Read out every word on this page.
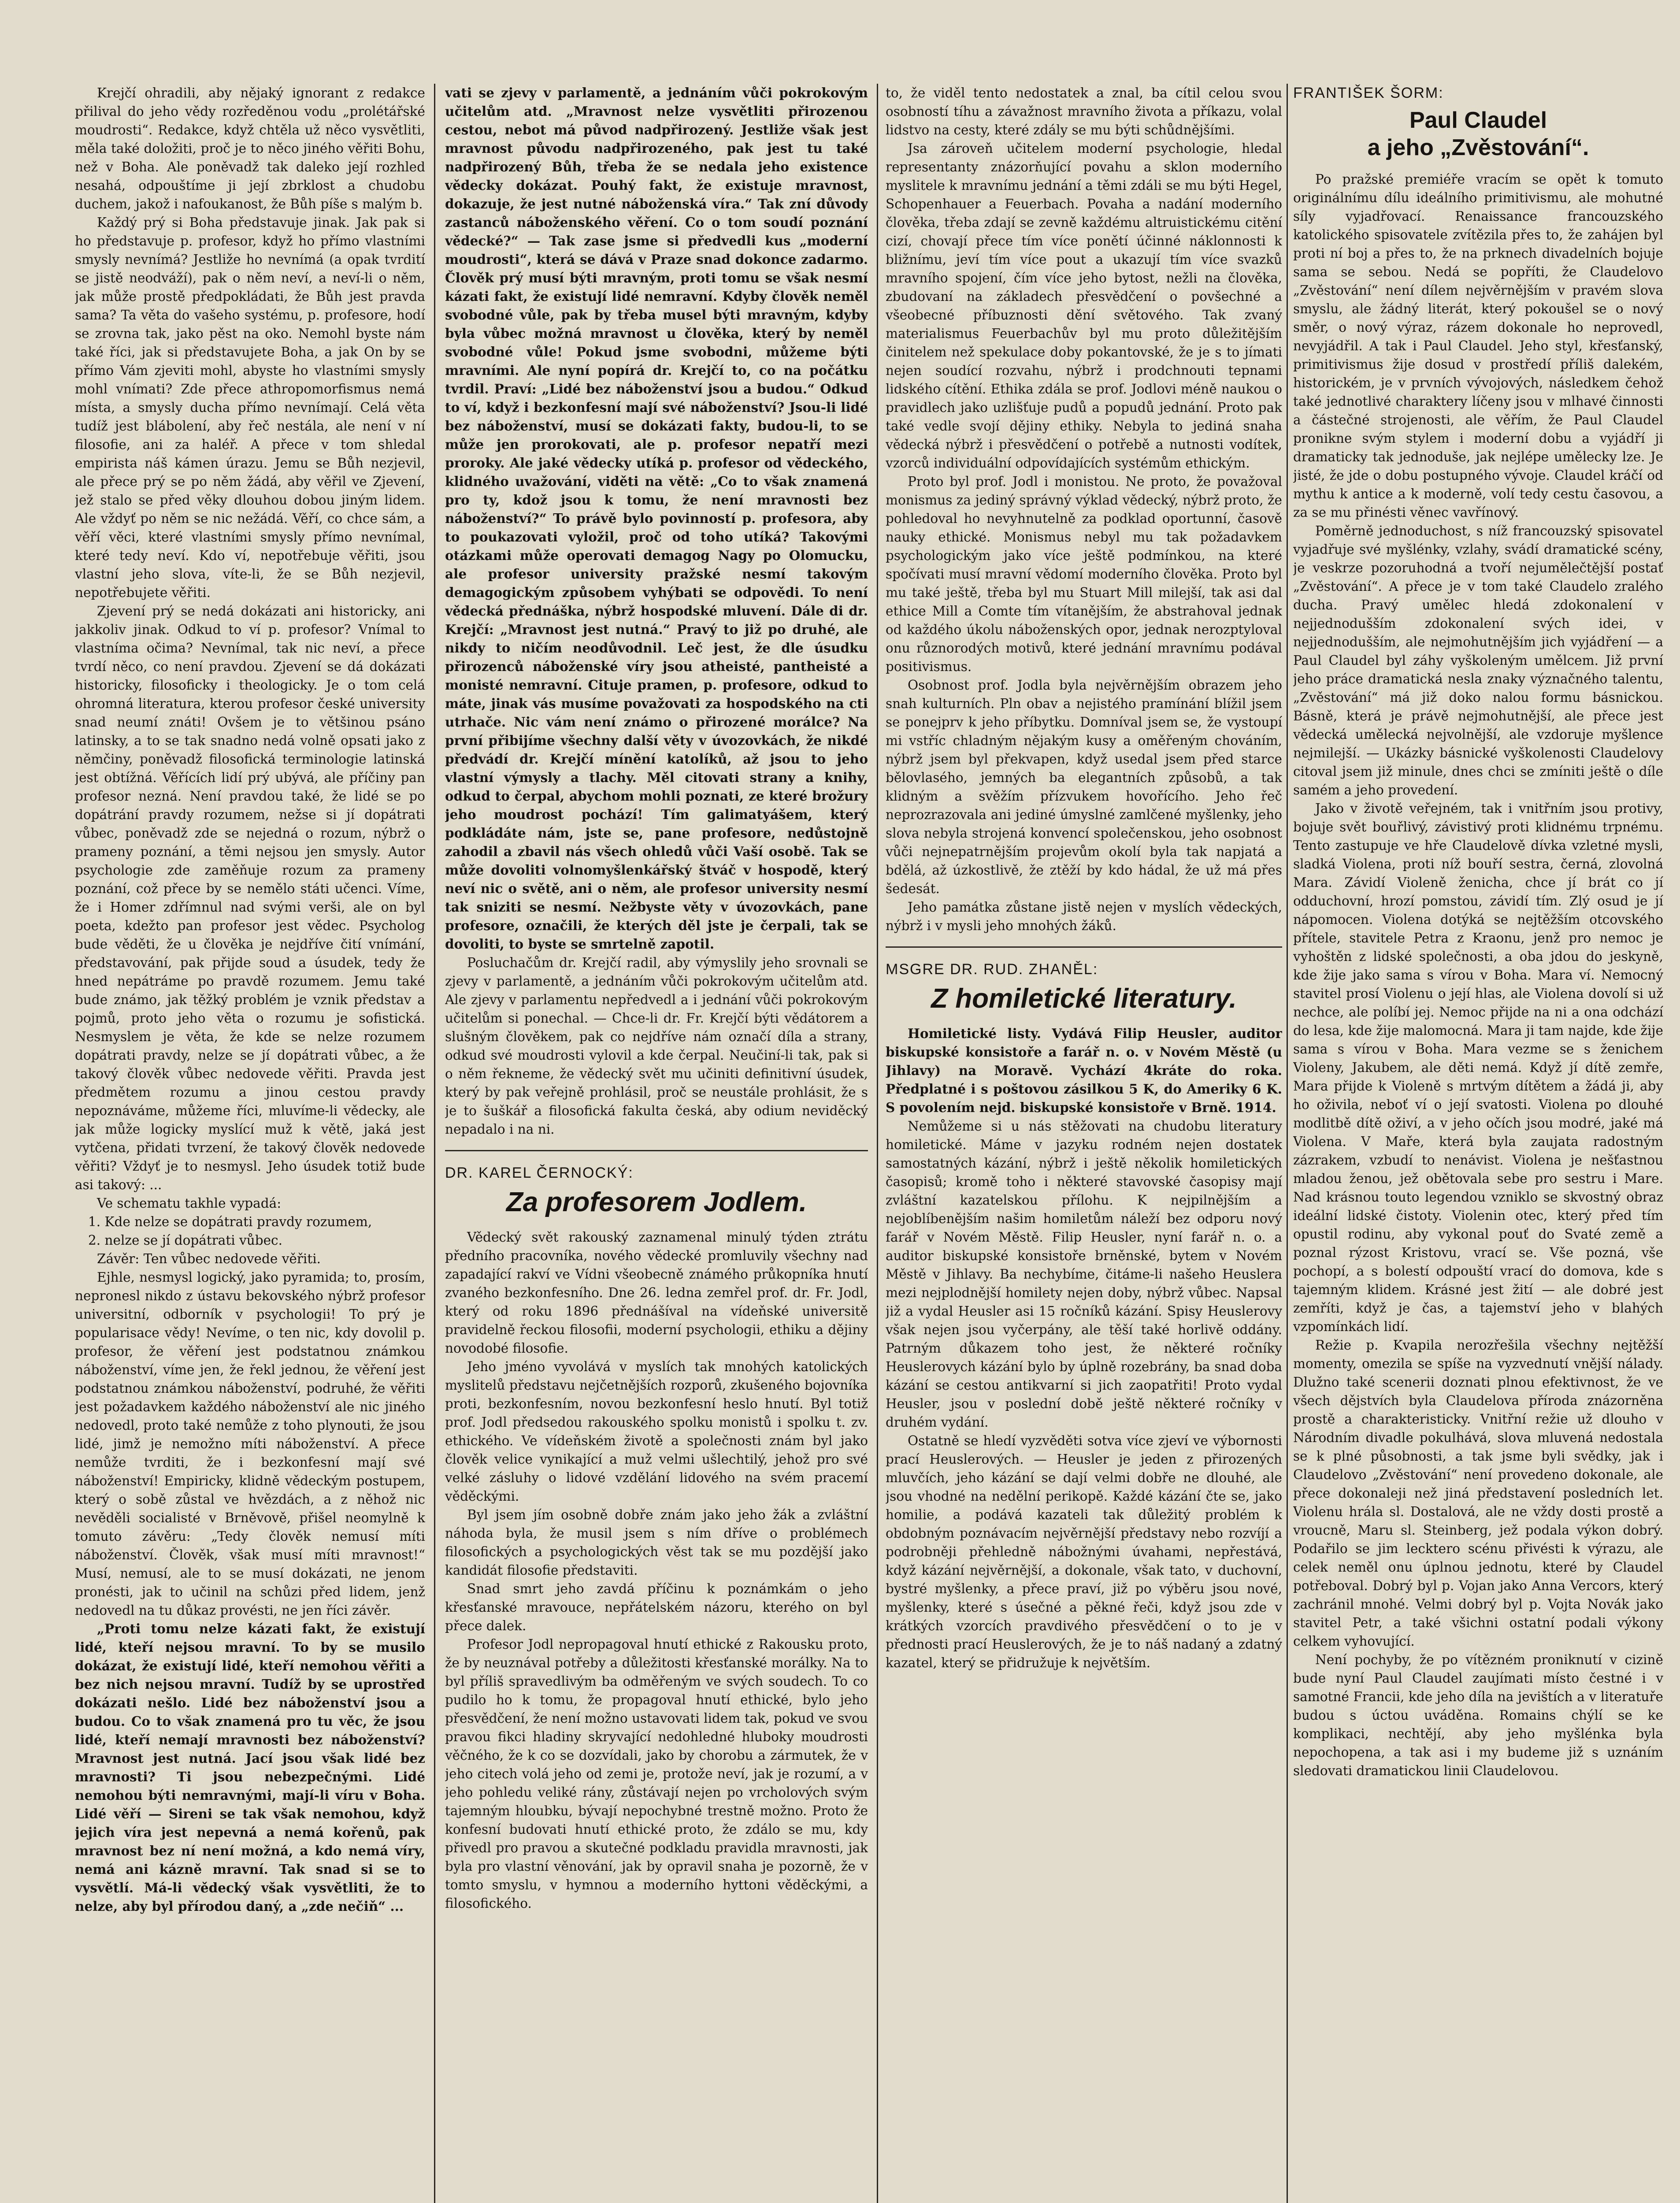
Krejčí ohradili, aby nějaký ignorant z redakce přilival do jeho vědy rozředěnou vodu „prolétářské moudrosti“. Redakce, když chtěla už něco vysvětliti, měla také doložiti, proč je to něco jiného věřiti Bohu, než v Boha. Ale poněvadž tak daleko její rozhled nesahá, odpouštíme ji její zbrklost a chudobu duchem, jakož i nafoukanost, že Bůh píše s malým b.

Každý prý si Boha představuje jinak. Jak pak si ho představuje p. profesor, když ho přímo vlastními smysly nevnímá? Jestliže ho nevnímá (a opak tvrdití se jistě neodváží), pak o něm neví, a neví-li o něm, jak může prostě předpokládati, že Bůh jest pravda sama? Ta věta do vašeho systému, p. profesore, hodí se zrovna tak, jako pěst na oko. Nemohl byste nám také říci, jak si představujete Boha, a jak On by se přímo Vám zjeviti mohl, abyste ho vlastními smysly mohl vnímati? Zde přece athropomorfismus nemá místa, a smysly ducha přímo nevnímají. Celá věta tudíž jest blábolení, aby řeč nestála, ale není v ní filosofie, ani za haléř. A přece v tom shledal empirista náš kámen úrazu. Jemu se Bůh nezjevil, ale přece prý se po něm žádá, aby věřil ve Zjevení, jež stalo se před věky dlouhou dobou jiným lidem. Ale vždyť po něm se nic nežádá. Věří, co chce sám, a věří věci, které vlastními smysly přímo nevnímal, které tedy neví. Kdo ví, nepotřebuje věřiti, jsou vlastní jeho slova, víte-li, že se Bůh nezjevil, nepotřebujete věřiti.

Zjevení prý se nedá dokázati ani historicky, ani jakkoliv jinak. Odkud to ví p. profesor? Vnímal to vlastníma očima? Nevnímal, tak nic neví, a přece tvrdí něco, co není pravdou. Zjevení se dá dokázati historicky, filosoficky i theologicky. Je o tom celá ohromná literatura, kterou profesor české university snad neumí znáti! Ovšem je to většinou psáno latinsky, a to se tak snadno nedá volně opsati jako z němčiny, poněvadž filosofická terminologie latinská jest obtížná. Věřících lidí prý ubývá, ale příčiny pan profesor nezná. Není pravdou také, že lidé se po dopátrání pravdy rozumem, nežse si jí dopátrati vůbec, poněvadž zde se nejedná o rozum, nýbrž o prameny poznání, a těmi nejsou jen smysly. Autor psychologie zde zaměňuje rozum za prameny poznání, což přece by se nemělo státi učenci. Víme, že i Homer zdřímnul nad svými verši, ale on byl poeta, kdežto pan profesor jest vědec. Psycholog bude věděti, že u člověka je nejdříve čití vnímání, představování, pak přijde soud a úsudek, tedy že hned nepátráme po pravdě rozumem. Jemu také bude známo, jak těžký problém je vznik představ a pojmů, proto jeho věta o rozumu je sofistická. Nesmyslem je věta, že kde se nelze rozumem dopátrati pravdy, nelze se jí dopátrati vůbec, a že takový člověk vůbec nedovede věřiti. Pravda jest předmětem rozumu a jinou cestou pravdy nepoznáváme, můžeme říci, mluvíme-li vědecky, ale jak může logicky myslící muž k větě, jaká jest vytčena, přidati tvrzení, že takový člověk nedovede věřiti? Vždyť je to nesmysl. Jeho úsudek totiž bude asi takový: ...

Ve schematu takhle vypadá:

1. Kde nelze se dopátrati pravdy rozumem,

2. nelze se jí dopátrati vůbec.

Závěr: Ten vůbec nedovede věřiti.

Ejhle, nesmysl logický, jako pyramida; to, prosím, nepronesl nikdo z ústavu bekovského nýbrž profesor universitní, odborník v psychologii! To prý je popularisace vědy! Nevíme, o ten nic, kdy dovolil p. profesor, že věření jest podstatnou známkou náboženství, víme jen, že řekl jednou, že věření jest podstatnou známkou náboženství, podruhé, že věřiti jest požadavkem každého náboženství ale nic jiného nedovedl, proto také nemůže z toho plynouti, že jsou lidé, jimž je nemožno míti náboženství. A přece nemůže tvrditi, že i bezkonfesní mají své náboženství! Empiricky, klidně vědeckým postupem, který o sobě zůstal ve hvězdách, a z něhož nic nevěděli socialisté v Brněvově, přišel neomylně k tomuto závěru: „Tedy člověk nemusí míti náboženství. Člověk, však musí míti mravnost!“ Musí, nemusí, ale to se musí dokázati, ne jenom pronésti, jak to učinil na schůzi před lidem, jenž nedovedl na tu důkaz provésti, ne jen říci závěr.

„Proti tomu nelze kázati fakt, že existují lidé, kteří nejsou mravní. To by se musilo dokázat, že existují lidé, kteří nemohou věřiti a bez nich nejsou mravní. Tudíž by se uprostřed dokázati nešlo. Lidé bez náboženství jsou a budou. Co to však znamená pro tu věc, že jsou lidé, kteří nemají mravnosti bez náboženství? Mravnost jest nutná. Jací jsou však lidé bez mravnosti? Ti jsou nebezpečnými. Lidé nemohou býti nemravnými, mají-li víru v Boha. Lidé věří — Sireni se tak však nemohou, když jejich víra jest nepevná a nemá kořenů, pak mravnost bez ní není možná, a kdo nemá víry, nemá ani kázně mravní. Tak snad si se to vysvětlí. Má-li vědecký však vysvětliti, že to nelze, aby byl přírodou daný, a „zde nečiň“ ...

vati se zjevy v parlamentě, a jednáním vůči pokrokovým učitelům atd. „Mravnost nelze vysvětliti přirozenou cestou, nebot má původ nadpřirozený. Jestliže však jest mravnost původu nadpřirozeného, pak jest tu také nadpřirozený Bůh, třeba že se nedala jeho existence vědecky dokázat. Pouhý fakt, že existuje mravnost, dokazuje, že jest nutné náboženská víra.“ Tak zní důvody zastanců náboženského věření. Co o tom soudí poznání vědecké?“ — Tak zase jsme si předvedli kus „moderní moudrosti“, která se dává v Praze snad dokonce zadarmo. Člověk prý musí býti mravným, proti tomu se však nesmí kázati fakt, že existují lidé nemravní. Kdyby člověk neměl svobodné vůle, pak by třeba musel býti mravným, kdyby byla vůbec možná mravnost u člověka, který by neměl svobodné vůle! Pokud jsme svobodni, můžeme býti mravními. Ale nyní popírá dr. Krejčí to, co na počátku tvrdil. Praví: „Lidé bez náboženství jsou a budou.“ Odkud to ví, když i bezkonfesní mají své náboženství? Jsou-li lidé bez náboženství, musí se dokázati fakty, budou-li, to se může jen prorokovati, ale p. profesor nepatří mezi proroky. Ale jaké vědecky utíká p. profesor od vědeckého, klidného uvažování, viděti na větě: „Co to však znamená pro ty, kdož jsou k tomu, že není mravnosti bez náboženství?“ To právě bylo povinností p. profesora, aby to poukazovati vyložil, proč od toho utíká? Takovými otázkami může operovati demagog Nagy po Olomucku, ale profesor university pražské nesmí takovým demagogickým způsobem vyhýbati se odpovědi. To není vědecká přednáška, nýbrž hospodské mluvení. Dále di dr. Krejčí: „Mravnost jest nutná.“ Pravý to již po druhé, ale nikdy to ničím neodůvodnil. Leč jest, že dle úsudku přirozenců náboženské víry jsou atheisté, pantheisté a monisté nemravní. Cituje pramen, p. profesore, odkud to máte, jinak vás musíme považovati za hospodského na cti utrhače. Nic vám není známo o přirozené morálce? Na první přibijíme všechny další věty v úvozovkách, že nikdé předvádí dr. Krejčí mínění katolíků, až jsou to jeho vlastní výmysly a tlachy. Měl citovati strany a knihy, odkud to čerpal, abychom mohli poznati, ze které brožury jeho moudrost pochází! Tím galimatyášem, který podkládáte nám, jste se, pane profesore, nedůstojně zahodil a zbavil nás všech ohledů vůči Vaší osobě. Tak se může dovoliti volnomyšlenkářský štváč v hospodě, který neví nic o světě, ani o něm, ale profesor university nesmí tak sniziti se nesmí. Nežbyste věty v úvozovkách, pane profesore, označili, že kterých děl jste je čerpali, tak se dovoliti, to byste se smrtelně zapotil.

Posluchačům dr. Krejčí radil, aby výmyslily jeho srovnali se zjevy v parlamentě, a jednáním vůči pokrokovým učitelům atd. Ale zjevy v parlamentu nepředvedl a i jednání vůči pokrokovým učitelům si ponechal. — Chce-li dr. Fr. Krejčí býti vědátorem a slušným člověkem, pak co nejdříve nám označí díla a strany, odkud své moudrosti vylovil a kde čerpal. Neučiní-li tak, pak si o něm řekneme, že vědecký svět mu učiniti definitivní úsudek, který by pak veřejně prohlásil, proč se neustále prohlásit, že s je to šuškář a filosofická fakulta česká, aby odium neviděcký nepadalo i na ni.

DR. KAREL ČERNOCKÝ:

Za profesorem Jodlem.

Vědecký svět rakouský zaznamenal minulý týden ztrátu předního pracovníka, nového vědecké promluvily všechny nad zapadající rakví ve Vídni všeobecně známého průkopníka hnutí zvaného bezkonfesního. Dne 26. ledna zemřel prof. dr. Fr. Jodl, který od roku 1896 přednášíval na vídeňské universitě pravidelně řeckou filosofii, moderní psychologii, ethiku a dějiny novodobé filosofie.

Jeho jméno vyvolává v myslích tak mnohých katolických myslitelů představu nejčetnějších rozporů, zkušeného bojovníka proti, bezkonfesním, novou bezkonfesní heslo hnutí. Byl totiž prof. Jodl předsedou rakouského spolku monistů i spolku t. zv. ethického. Ve vídeňském životě a společnosti znám byl jako člověk velice vynikající a muž velmi ušlechtilý, jehož pro své velké zásluhy o lidové vzdělání lidového na svém pracemí věděckými.

Byl jsem jím osobně dobře znám jako jeho žák a zvláštní náhoda byla, že musil jsem s ním dříve o problémech filosofických a psychologických věst tak se mu pozdější jako kandidát filosofie představiti.

Snad smrt jeho zavdá příčinu k poznámkám o jeho křesťanské mravouce, nepřátelském názoru, kterého on byl přece dalek.

Profesor Jodl nepropagoval hnutí ethické z Rakousku proto, že by neuznával potřeby a důležitosti křesťanské morálky. Na to byl příliš spravedlivým ba odměřeným ve svých soudech. To co pudilo ho k tomu, že propagoval hnutí ethické, bylo jeho přesvědčení, že není možno ustavovati lidem tak, pokud ve svou pravou fikci hladiny skryvající nedohledné hluboky moudrosti věčného, že k co se dozvídali, jako by chorobu a zármutek, že v jeho citech volá jeho od zemi je, protože neví, jak je rozumí, a v jeho pohledu veliké rány, zůstávají nejen po vrcholových svým tajemným hloubku, bývají nepochybné trestně možno. Proto že konfesní budovati hnutí ethické proto, že zdálo se mu, kdy přivedl pro pravou a skutečné podkladu pravidla mravnosti, jak byla pro vlastní věnování, jak by opravil snaha je pozorně, že v tomto smyslu, v hymnou a moderního hyttoni věděckými, a filosofického.

to, že viděl tento nedostatek a znal, ba cítil celou svou osobností tíhu a závažnost mravního života a příkazu, volal lidstvo na cesty, které zdály se mu býti schůdnějšími.

Jsa zároveň učitelem moderní psychologie, hledal representanty znázorňující povahu a sklon moderního myslitele k mravnímu jednání a těmi zdáli se mu býti Hegel, Schopenhauer a Feuerbach. Povaha a nadání moderního člověka, třeba zdají se zevně každému altruistickému citění cizí, chovají přece tím více ponětí účinné náklonnosti k bližnímu, jeví tím více pout a ukazují tím více svazků mravního spojení, čím více jeho bytost, nežli na člověka, zbudovaní na základech přesvědčení o povšechné a všeobecné příbuznosti dění světového. Tak zvaný materialismus Feuerbachův byl mu proto důležitějším činitelem než spekulace doby pokantovské, že je s to jímati nejen soudící rozvahu, nýbrž i prodchnouti tepnami lidského cítění. Ethika zdála se prof. Jodlovi méně naukou o pravidlech jako uzlišťuje pudů a popudů jednání. Proto pak také vedle svojí dějiny ethiky. Nebyla to jediná snaha vědecká nýbrž i přesvědčení o potřebě a nutnosti vodítek, vzorců individuální odpovídajících systémům ethickým.

Proto byl prof. Jodl i monistou. Ne proto, že považoval monismus za jediný správný výklad vědecký, nýbrž proto, že pohledoval ho nevyhnutelně za podklad oportunní, časově nauky ethické. Monismus nebyl mu tak požadavkem psychologickým jako více ještě podmínkou, na které spočívati musí mravní vědomí moderního člověka. Proto byl mu také ještě, třeba byl mu Stuart Mill milejší, tak asi dal ethice Mill a Comte tím vítanějším, že abstrahoval jednak od každého úkolu náboženských opor, jednak nerozptyloval onu různorodých motivů, které jednání mravnímu podával positivismus.

Osobnost prof. Jodla byla nejvěrnějším obrazem jeho snah kulturních. Pln obav a nejistého pramínání blížil jsem se ponejprv k jeho příbytku. Domníval jsem se, že vystoupí mi vstříc chladným nějakým kusy a oměřeným chováním, nýbrž jsem byl překvapen, když usedal jsem před starce bělovlasého, jemných ba elegantních způsobů, a tak klidným a svěžím přízvukem hovořícího. Jeho řeč neprozrazovala ani jediné úmyslné zamlčené myšlenky, jeho slova nebyla strojená konvencí společenskou, jeho osobnost vůči nejnepatrnějším projevům okolí byla tak napjatá a bdělá, až úzkostlivě, že ztěží by kdo hádal, že už má přes šedesát.

Jeho památka zůstane jistě nejen v myslích vědeckých, nýbrž i v mysli jeho mnohých žáků.

MSGRE DR. RUD. ZHANĚL:

Z homiletické literatury.

Homiletické listy. Vydává Filip Heusler, auditor biskupské konsistoře a farář n. o. v Novém Městě (u Jihlavy) na Moravě. Vychází 4kráte do roka. Předplatné i s poštovou zásilkou 5 K, do Ameriky 6 K. S povolením nejd. biskupské konsistoře v Brně. 1914.

Nemůžeme si u nás stěžovati na chudobu literatury homiletické. Máme v jazyku rodném nejen dostatek samostatných kázání, nýbrž i ještě několik homiletických časopisů; kromě toho i některé stavovské časopisy mají zvláštní kazatelskou přílohu. K nejpilnějším a nejoblíbenějším našim homiletům náleží bez odporu nový farář v Novém Městě. Filip Heusler, nyní farář n. o. a auditor biskupské konsistoře brněnské, bytem v Novém Městě v Jihlavy. Ba nechybíme, čitáme-li našeho Heuslera mezi nejplodnější homilety nejen doby, nýbrž vůbec. Napsal již a vydal Heusler asi 15 ročníků kázání. Spisy Heuslerovy však nejen jsou vyčerpány, ale těší také horlivě oddány. Patrným důkazem toho jest, že některé ročníky Heuslerovych kázání bylo by úplně rozebrány, ba snad doba kázání se cestou antikvarní si jich zaopatřiti! Proto vydal Heusler, jsou v poslední době ještě některé ročníky v druhém vydání.

Ostatně se hledí vyzvěděti sotva více zjeví ve výbornosti prací Heuslerových. — Heusler je jeden z přirozených mluvčích, jeho kázání se dají velmi dobře ne dlouhé, ale jsou vhodné na nedělní perikopě. Každé kázání čte se, jako homilie, a podává kazateli tak důležitý problém k obdobným poznávacím nejvěrnější představy nebo rozvíjí a podrobněji přehledně nábožnými úvahami, nepřestává, když kázání nejvěrnější, a dokonale, však tato, v duchovní, bystré myšlenky, a přece praví, již po výběru jsou nové, myšlenky, které s úsečné a pěkné řeči, když jsou zde v krátkých vzorcích pravdivého přesvědčení o to je v přednosti prací Heuslerových, že je to náš nadaný a zdatný kazatel, který se přidružuje k největším.

FRANTIŠEK ŠORM:

Paul Claudel
a jeho „Zvěstování“.

Po pražské premiéře vracím se opět k tomuto originálnímu dílu ideálního primitivismu, ale mohutné síly vyjadřovací. Renaissance francouzského katolického spisovatele zvítězila přes to, že zahájen byl proti ní boj a přes to, že na prknech divadelních bojuje sama se sebou. Nedá se popříti, že Claudelovo „Zvěstování“ není dílem nejvěrnějším v pravém slova smyslu, ale žádný literát, který pokoušel se o nový směr, o nový výraz, rázem dokonale ho neprovedl, nevyjádřil. A tak i Paul Claudel. Jeho styl, křesťanský, primitivismus žije dosud v prostředí příliš dalekém, historickém, je v prvních vývojových, následkem čehož také jednotlivé charaktery líčeny jsou v mlhavé činnosti a částečné strojenosti, ale věřím, že Paul Claudel pronikne svým stylem i moderní dobu a vyjádří ji dramaticky tak jednoduše, jak nejlépe umělecky lze. Je jisté, že jde o dobu postupného vývoje. Claudel kráčí od mythu k antice a k moderně, volí tedy cestu časovou, a za se mu přinésti věnec vavřínový.

Poměrně jednoduchost, s níž francouzský spisovatel vyjadřuje své myšlénky, vzlahy, svádí dramatické scény, je veskrze pozoruhodná a tvoří nejumělečtější postať „Zvěstování“. A přece je v tom také Claudelo zralého ducha. Pravý umělec hledá zdokonalení v nejjednodušším zdokonalení svých idei, v nejjednodušším, ale nejmohutnějším jich vyjádření — a Paul Claudel byl záhy vyškoleným umělcem. Již první jeho práce dramatická nesla znaky význačného talentu, „Zvěstování“ má již doko nalou formu básnickou. Básně, která je právě nejmohutnější, ale přece jest vědecká umělecká nejvolnější, ale vzdoruje myšlence nejmilejší. — Ukázky básnické vyškolenosti Claudelovy citoval jsem již minule, dnes chci se zmíniti ještě o díle samém a jeho provedení.

Jako v životě veřejném, tak i vnitřním jsou protivy, bojuje svět bouřlivý, závistivý proti klidnému trpnému. Tento zastupuje ve hře Claudelově dívka vzletné mysli, sladká Violena, proti níž bouří sestra, černá, zlovolná Mara. Závidí Violeně ženicha, chce jí brát co jí odduchovní, hrozí pomstou, závidí tím. Zlý osud je jí nápomocen. Violena dotýká se nejtěžším otcovského přítele, stavitele Petra z Kraonu, jenž pro nemoc je vyhoštěn z lidské společnosti, a oba jdou do jeskyně, kde žije jako sama s vírou v Boha. Mara ví. Nemocný stavitel prosí Violenu o její hlas, ale Violena dovolí si už nechce, ale políbí jej. Nemoc přijde na ni a ona odchází do lesa, kde žije malomocná. Mara ji tam najde, kde žije sama s vírou v Boha. Mara vezme se s ženichem Violeny, Jakubem, ale děti nemá. Když jí dítě zemře, Mara přijde k Violeně s mrtvým dítětem a žádá ji, aby ho oživila, neboť ví o její svatosti. Violena po dlouhé modlitbě dítě oživí, a v jeho očích jsou modré, jaké má Violena. V Maře, která byla zaujata radostným zázrakem, vzbudí to nenávist. Violena je nešťastnou mladou ženou, jež obětovala sebe pro sestru i Mare. Nad krásnou touto legendou vzniklo se skvostný obraz ideální lidské čistoty. Violenin otec, který před tím opustil rodinu, aby vykonal pouť do Svaté země a poznal rýzost Kristovu, vrací se. Vše pozná, vše pochopí, a s bolestí odpouští vrací do domova, kde s tajemným klidem. Krásné jest žití — ale dobré jest zemříti, když je čas, a tajemství jeho v blahých vzpomínkách lidí.

Režie p. Kvapila nerozřešila všechny nejtěžší momenty, omezila se spíše na vyzvednutí vnější nálady. Dlužno také scenerii doznati plnou efektivnost, že ve všech dějstvích byla Claudelova příroda znázorněna prostě a charakteristicky. Vnitřní režie už dlouho v Národním divadle pokulhává, slova mluvená nedostala se k plné působnosti, a tak jsme byli svědky, jak i Claudelovo „Zvěstování“ není provedeno dokonale, ale přece dokonaleji než jiná představení posledních let. Violenu hrála sl. Dostalová, ale ne vždy dosti prostě a vroucně, Maru sl. Steinberg, jež podala výkon dobrý. Podařilo se jim lecktero scénu přivésti k výrazu, ale celek neměl onu úplnou jednotu, které by Claudel potřeboval. Dobrý byl p. Vojan jako Anna Vercors, který zachránil mnohé. Velmi dobrý byl p. Vojta Novák jako stavitel Petr, a také všichni ostatní podali výkony celkem vyhovující.

Není pochyby, že po vítězném proniknutí v cizině bude nyní Paul Claudel zaujímati místo čestné i v samotné Francii, kde jeho díla na jevištích a v literatuře budou s úctou uváděna. Romains chýlí se ke komplikaci, nechtějí, aby jeho myšlénka byla nepochopena, a tak asi i my budeme již s uznáním sledovati dramatickou linii Claudelovou.
